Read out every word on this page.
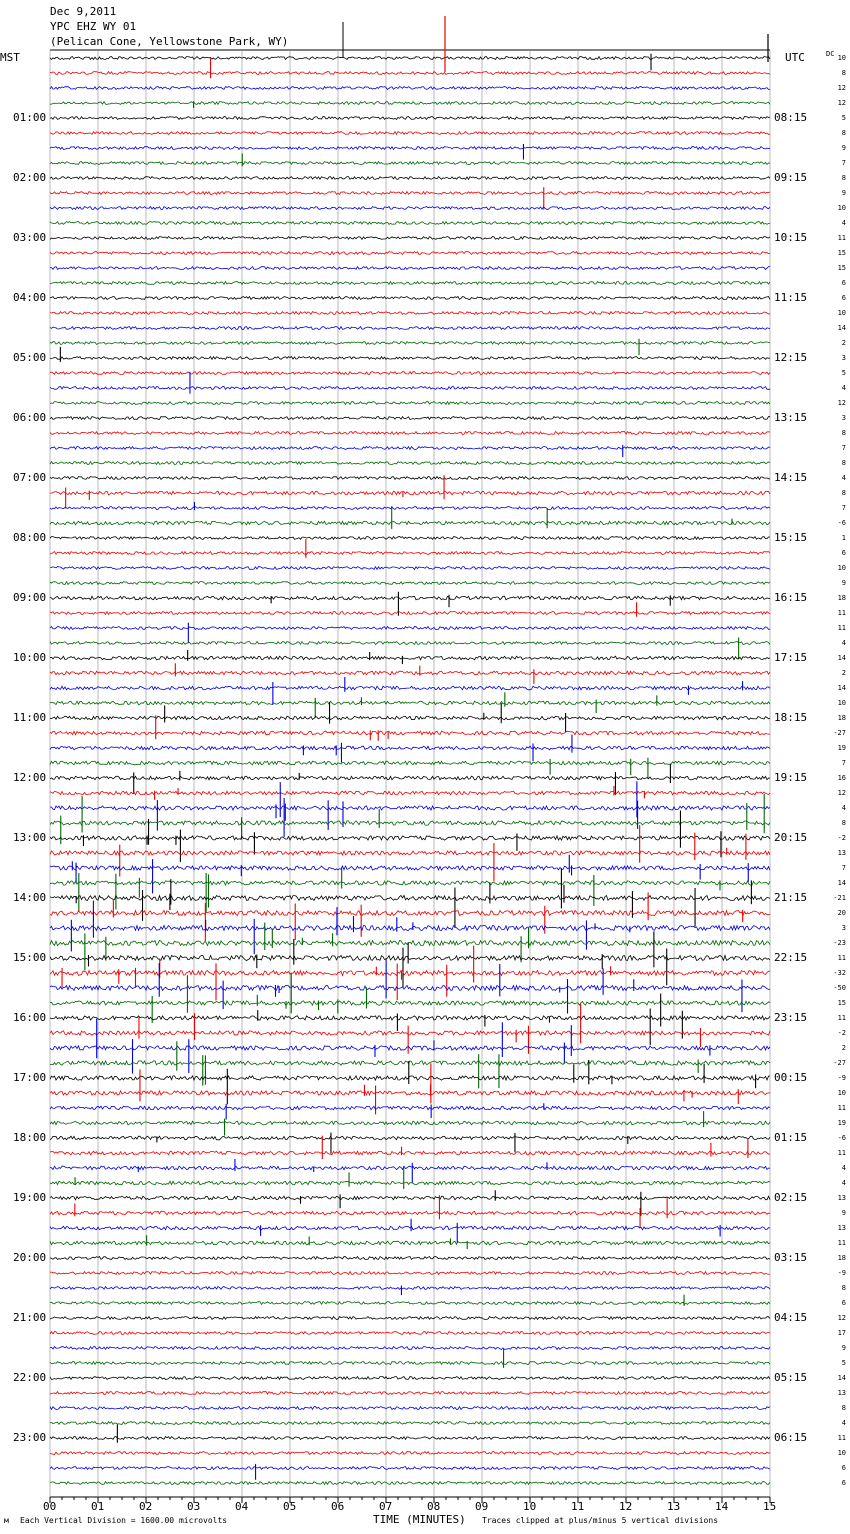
Dec 9,2011
YPC EHZ WY 01
(Pelican Cone, Yellowstone Park, WY)
MST	UTC	DC
00	01	02	03	04	05	06	07	08	09	10	11	12	13	14	15
01:00
02:00
03:00
04:00
05:00
06:00
07:00
08:00
09:00
10:00
11:00
12:00
13:00
14:00
15:00
16:00
17:00
18:00
19:00
20:00
21:00
22:00
23:00
08:15
09:15
10:15
11:15
12:15
13:15
14:15
15:15
16:15
17:15
18:15
19:15
20:15
21:15
22:15
23:15
00:15
01:15
02:15
03:15
04:15
05:15
06:15
10
8
12
12
5
8
9
7
8
9
10
4
11
15
15
6
6
10
14
2
3
5
4
12
3
8
7
8
4
8
7
-6
1
6
10
9
18
11
11
4
14
2
14
10
18
-27
19
7
16
12
4
8
-2
13
7
14
-21
20
3
-23
11
-32
-50
15
11
-2
2
-27
-9
10
11
19
-6
11
4
4
13
9
13
11
18
-9
8
6
12
17
9
5
14
13
8
4
11
10
6
6
м Each Vertical Division = 1600.00 microvolts	TIME (MINUTES) Traces clipped at plus/minus 5 vertical divisions
